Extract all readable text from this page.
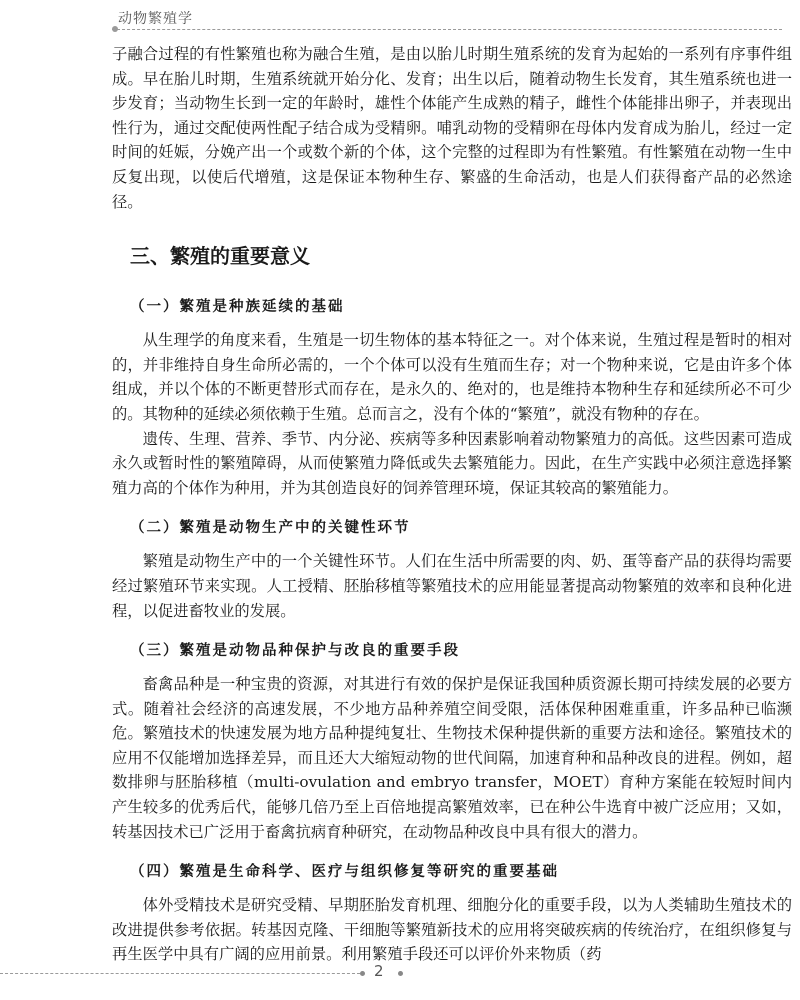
动物繁殖学

子融合过程的有性繁殖也称为融合生殖，是由以胎儿时期生殖系统的发育为起始的一系列有序事件组成。早在胎儿时期，生殖系统就开始分化、发育；出生以后，随着动物生长发育，其生殖系统也进一步发育；当动物生长到一定的年龄时，雄性个体能产生成熟的精子，雌性个体能排出卵子，并表现出性行为，通过交配使两性配子结合成为受精卵。哺乳动物的受精卵在母体内发育成为胎儿，经过一定时间的妊娠，分娩产出一个或数个新的个体，这个完整的过程即为有性繁殖。有性繁殖在动物一生中反复出现，以使后代增殖，这是保证本物种生存、繁盛的生命活动，也是人们获得畜产品的必然途径。

三、繁殖的重要意义
（一）繁殖是种族延续的基础

从生理学的角度来看，生殖是一切生物体的基本特征之一。对个体来说，生殖过程是暂时的相对的，并非维持自身生命所必需的，一个个体可以没有生殖而生存；对一个物种来说，它是由许多个体组成，并以个体的不断更替形式而存在，是永久的、绝对的，也是维持本物种生存和延续所必不可少的。其物种的延续必须依赖于生殖。总而言之，没有个体的“繁殖”，就没有物种的存在。

遗传、生理、营养、季节、内分泌、疾病等多种因素影响着动物繁殖力的高低。这些因素可造成永久或暂时性的繁殖障碍，从而使繁殖力降低或失去繁殖能力。因此，在生产实践中必须注意选择繁殖力高的个体作为种用，并为其创造良好的饲养管理环境，保证其较高的繁殖能力。

（二）繁殖是动物生产中的关键性环节

繁殖是动物生产中的一个关键性环节。人们在生活中所需要的肉、奶、蛋等畜产品的获得均需要经过繁殖环节来实现。人工授精、胚胎移植等繁殖技术的应用能显著提高动物繁殖的效率和良种化进程，以促进畜牧业的发展。

（三）繁殖是动物品种保护与改良的重要手段

畜禽品种是一种宝贵的资源，对其进行有效的保护是保证我国种质资源长期可持续发展的必要方式。随着社会经济的高速发展，不少地方品种养殖空间受限，活体保种困难重重，许多品种已临濒危。繁殖技术的快速发展为地方品种提纯复壮、生物技术保种提供新的重要方法和途径。繁殖技术的应用不仅能增加选择差异，而且还大大缩短动物的世代间隔，加速育种和品种改良的进程。例如，超数排卵与胚胎移植（multi-ovulation and embryo transfer，MOET）育种方案能在较短时间内产生较多的优秀后代，能够几倍乃至上百倍地提高繁殖效率，已在种公牛选育中被广泛应用；又如，转基因技术已广泛用于畜禽抗病育种研究，在动物品种改良中具有很大的潜力。

（四）繁殖是生命科学、医疗与组织修复等研究的重要基础

体外受精技术是研究受精、早期胚胎发育机理、细胞分化的重要手段，以为人类辅助生殖技术的改进提供参考依据。转基因克隆、干细胞等繁殖新技术的应用将突破疾病的传统治疗，在组织修复与再生医学中具有广阔的应用前景。利用繁殖手段还可以评价外来物质（药

2
